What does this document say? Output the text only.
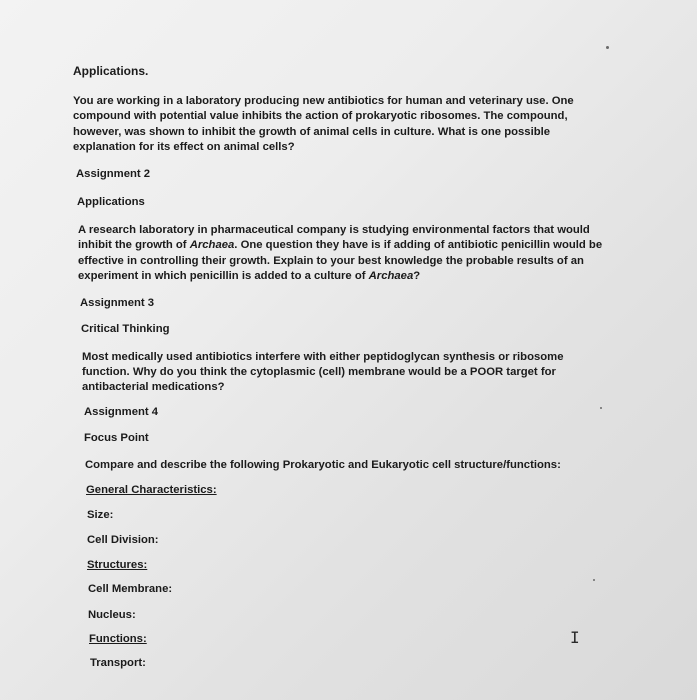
Applications.
You are working in a laboratory producing new antibiotics for human and veterinary use. One
compound with potential value inhibits the action of prokaryotic ribosomes. The compound,
however, was shown to inhibit the growth of animal cells in culture. What is one possible
explanation for its effect on animal cells?
Assignment 2
Applications
A research laboratory in pharmaceutical company is studying environmental factors that would
inhibit the growth of Archaea. One question they have is if adding of antibiotic penicillin would be
effective in controlling their growth. Explain to your best knowledge the probable results of an
experiment in which penicillin is added to a culture of Archaea?
Assignment 3
Critical Thinking
Most medically used antibiotics interfere with either peptidoglycan synthesis or ribosome
function. Why do you think the cytoplasmic (cell) membrane would be a POOR target for
antibacterial medications?
Assignment 4
Focus Point
Compare and describe the following Prokaryotic and Eukaryotic cell structure/functions:
General Characteristics:
Size:
Cell Division:
Structures:
Cell Membrane:
Nucleus:
Functions:
Transport:
I
